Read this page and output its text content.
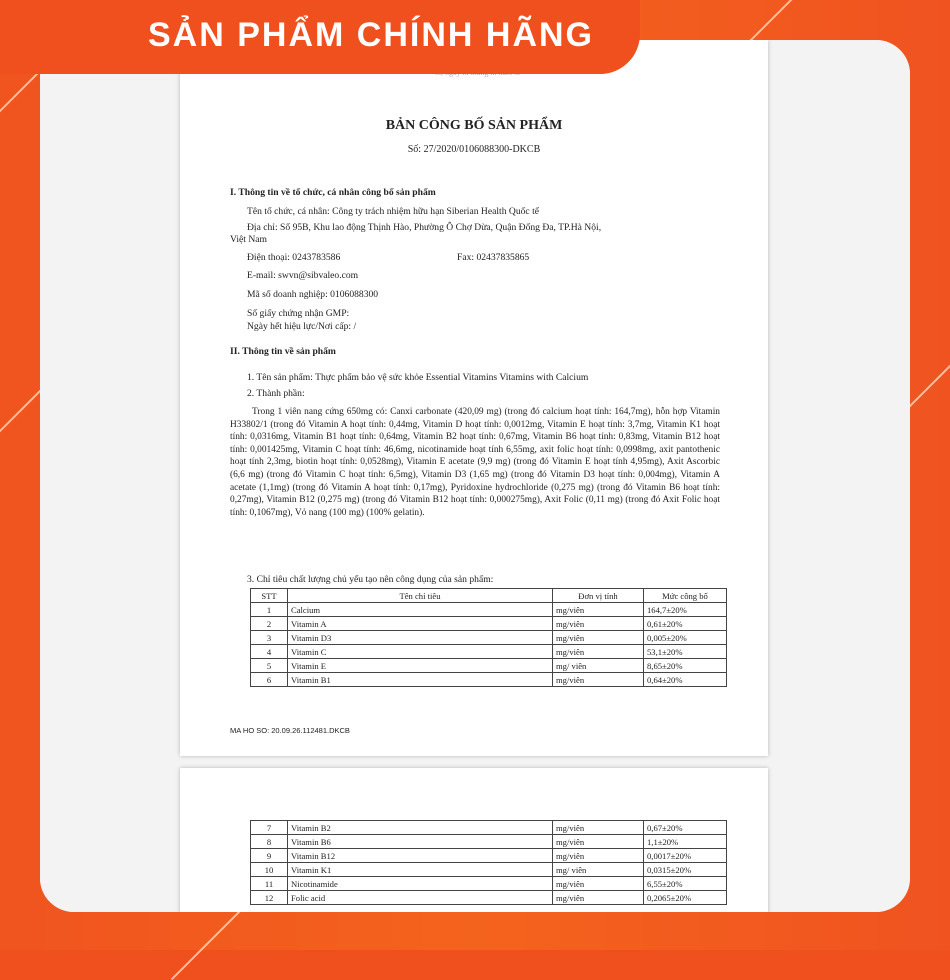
BẢN CÔNG BỐ SẢN PHẨM
Số: 27/2020/0106088300-DKCB
I. Thông tin về tổ chức, cá nhân công bố sản phẩm
Tên tổ chức, cá nhân: Công ty trách nhiệm hữu hạn Siberian Health Quốc tế
Địa chỉ: Số 95B, Khu lao động Thịnh Hào, Phường Ô Chợ Dừa, Quận Đống Đa, TP.Hà Nội,
Việt Nam
Điện thoại: 0243783586	Fax: 02437835865
E-mail: swvn@sibvaleo.com
Mã số doanh nghiệp: 0106088300
Số giấy chứng nhận GMP:
Ngày hết hiệu lực/Nơi cấp: /
II. Thông tin về sản phẩm
1. Tên sản phẩm: Thực phẩm bảo vệ sức khỏe Essential Vitamins Vitamins with Calcium
2. Thành phần:
Trong 1 viên nang cứng 650mg có: Canxi carbonate (420,09 mg) (trong đó calcium hoạt tính: 164,7mg), hỗn hợp Vitamin H33802/1 (trong đó Vitamin A hoạt tính: 0,44mg, Vitamin D hoạt tính: 0,0012mg, Vitamin E hoạt tính: 3,7mg, Vitamin K1 hoạt tính: 0,0316mg, Vitamin B1 hoạt tính: 0,64mg, Vitamin B2 hoạt tính: 0,67mg, Vitamin B6 hoạt tính: 0,83mg, Vitamin B12 hoạt tính: 0,001425mg, Vitamin C hoạt tính: 46,6mg, nicotinamide hoạt tính 6,55mg, axit folic hoạt tính: 0,0998mg, axit pantothenic hoạt tính 2,3mg, biotin hoạt tính: 0,0528mg), Vitamin E acetate (9,9 mg) (trong đó Vitamin E hoạt tính 4,95mg), Axit Ascorbic (6,6 mg) (trong đó Vitamin C hoạt tính: 6,5mg), Vitamin D3 (1,65 mg) (trong đó Vitamin D3 hoạt tính: 0,004mg), Vitamin A acetate (1,1mg) (trong đó Vitamin A hoạt tính: 0,17mg), Pyridoxine hydrochloride (0,275 mg) (trong đó Vitamin B6 hoạt tính: 0,27mg), Vitamin B12 (0,275 mg) (trong đó Vitamin B12 hoạt tính: 0,000275mg), Axit Folic (0,11 mg) (trong đó Axit Folic hoạt tính: 0,1067mg), Vỏ nang (100 mg) (100% gelatin).
3. Chỉ tiêu chất lượng chủ yếu tạo nên công dụng của sản phẩm:
STT	Tên chỉ tiêu	Đơn vị tính	Mức công bố
1	Calcium	mg/viên	164,7±20%
2	Vitamin A	mg/viên	0,61±20%
3	Vitamin D3	mg/viên	0,005±20%
4	Vitamin C	mg/viên	53,1±20%
5	Vitamin E	mg/ viên	8,65±20%
6	Vitamin B1	mg/viên	0,64±20%
MA HO SO: 20.09.26.112481.DKCB
7	Vitamin B2	mg/viên	0,67±20%
8	Vitamin B6	mg/viên	1,1±20%
9	Vitamin B12	mg/viên	0,0017±20%
10	Vitamin K1	mg/ viên	0,0315±20%
11	Nicotinamide	mg/viên	6,55±20%
12	Folic acid	mg/viên	0,2065±20%
SẢN PHẨM CHÍNH HÃNG
